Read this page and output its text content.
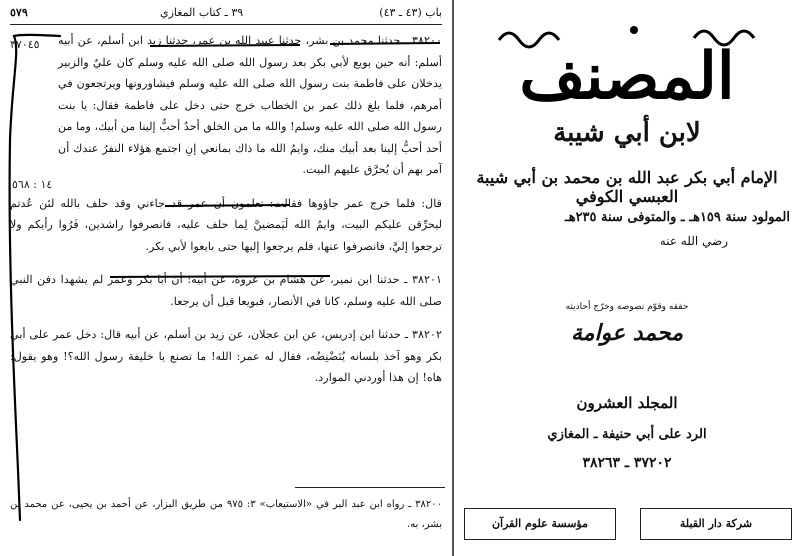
باب (٤٣ ـ ٤٣)
٣٩ ـ كتاب المغازي
٥٧٩
٣٧٠٤٥
١٤ : ٥٦٨

٣٨٢٠٠ ـ حدثنا محمد بن بشر، حدثنا عبيد الله بن عمر، حدثنا زيد ابن أسلم، عن أبيه أسلم: أنه حين بويع لأبي بكر بعد رسول الله صلى الله عليه وسلم كان عليٌ والزبير يدخلان على فاطمة بنت رسول الله صلى الله عليه وسلم فيشاورونها ويرتجعون في أمرهم، فلما بلغ ذلك عمر بن الخطاب خرج حتى دخل على فاطمة فقال: يا بنت رسول الله صلى الله عليه وسلم! والله ما من الخلق أحدٌ أحبُّ إلينا من أبيك، وما من أحد أحبُّ إلينا بعد أبيك منك، وايمُ الله ما ذاك بمانعي إنِ اجتمع هؤلاء النفرُ عندك أن آمر بهم أن يُحرَّق عليهم البيت.

قال: فلما خرج عمر جاؤوها فقالت: تعلمون أن عمر قد جاءني وقد حلف بالله لئن عُدتم ليحرِّقن عليكم البيت، وايمُ الله لَيَمضينَّ لِما حلف عليه، فانصرفوا راشدين، فَرُوا رأيكم ولا ترجعوا إليَّ، فانصرفوا عنها، فلم يرجعوا إليها حتى بايعوا لأبي بكر.

٣٨٢٠١ ـ حدثنا ابن نمير، عن هشام بن عروة، عن أبيه: أن أبا بكر وعمر لم يشهدا دفن النبي صلى الله عليه وسلم، كانا في الأنصار، فبويعا قبل أن يرجعا.

٣٨٢٠٢ ـ حدثنا ابن إدريس، عن ابن عجلان، عن زيد بن أسلم، عن أبيه قال: دخل عمر على أبي بكر وهو آخذ بلسانه يُنَضْنِضُه، فقال له عمر: الله! ما تصنع يا خليفة رسول الله؟! وهو يقول: هاه! إن هذا أوردني الموارد.

٣٨٢٠٠ ـ رواه ابن عبد البر في «الاستيعاب» ٣: ٩٧٥ من طريق البزار، عن أحمد بن يحيى، عن محمد بن بشر، به.
المصنف
لابن أبي شيبة
الإمام أبي بكر عبد الله بن محمد بن أبي شيبة العبسي الكوفي
المولود سنة ١٥٩هـ ـ والمتوفى سنة ٢٣٥هـ
رضي الله عنه
حققه وقوّم نصوصه وخرّج أحاديثه
محمد عوامة
المجلد العشرون
الرد على أبي حنيفة ـ المغازي
٣٧٢٠٢ ـ ٣٨٢٦٣
مؤسسة علوم القرآن	شركة دار القبلة
